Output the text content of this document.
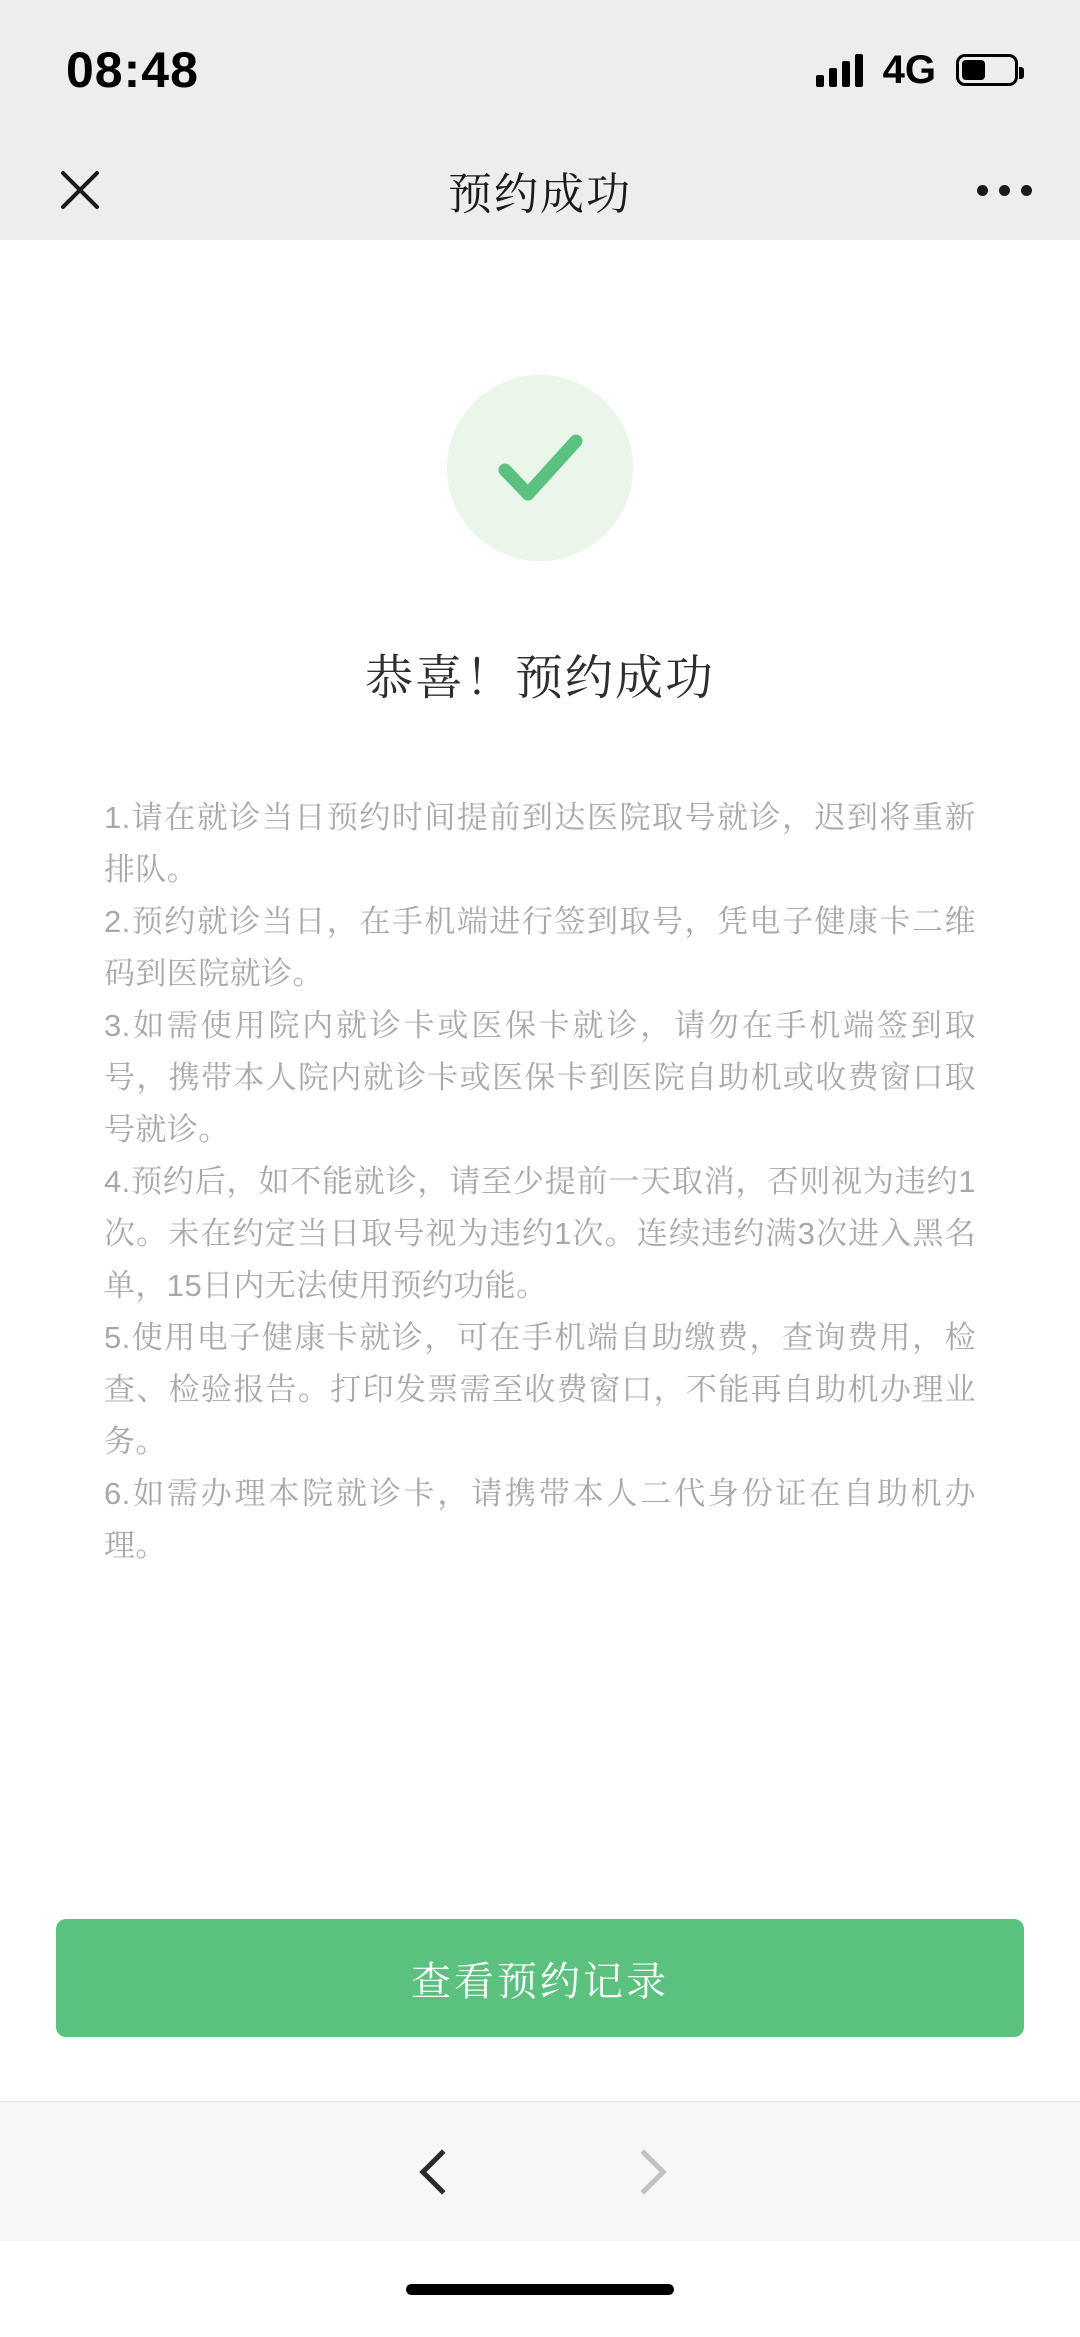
08:48	4G
预约成功
恭喜！预约成功
1.请在就诊当日预约时间提前到达医院取号就诊，迟到将重新排队。
2.预约就诊当日，在手机端进行签到取号，凭电子健康卡二维码到医院就诊。
3.如需使用院内就诊卡或医保卡就诊，请勿在手机端签到取号，携带本人院内就诊卡或医保卡到医院自助机或收费窗口取号就诊。
4.预约后，如不能就诊，请至少提前一天取消，否则视为违约1次。未在约定当日取号视为违约1次。连续违约满3次进入黑名单，15日内无法使用预约功能。
5.使用电子健康卡就诊，可在手机端自助缴费，查询费用，检查、检验报告。打印发票需至收费窗口，不能再自助机办理业务。
6.如需办理本院就诊卡，请携带本人二代身份证在自助机办理。
查看预约记录
